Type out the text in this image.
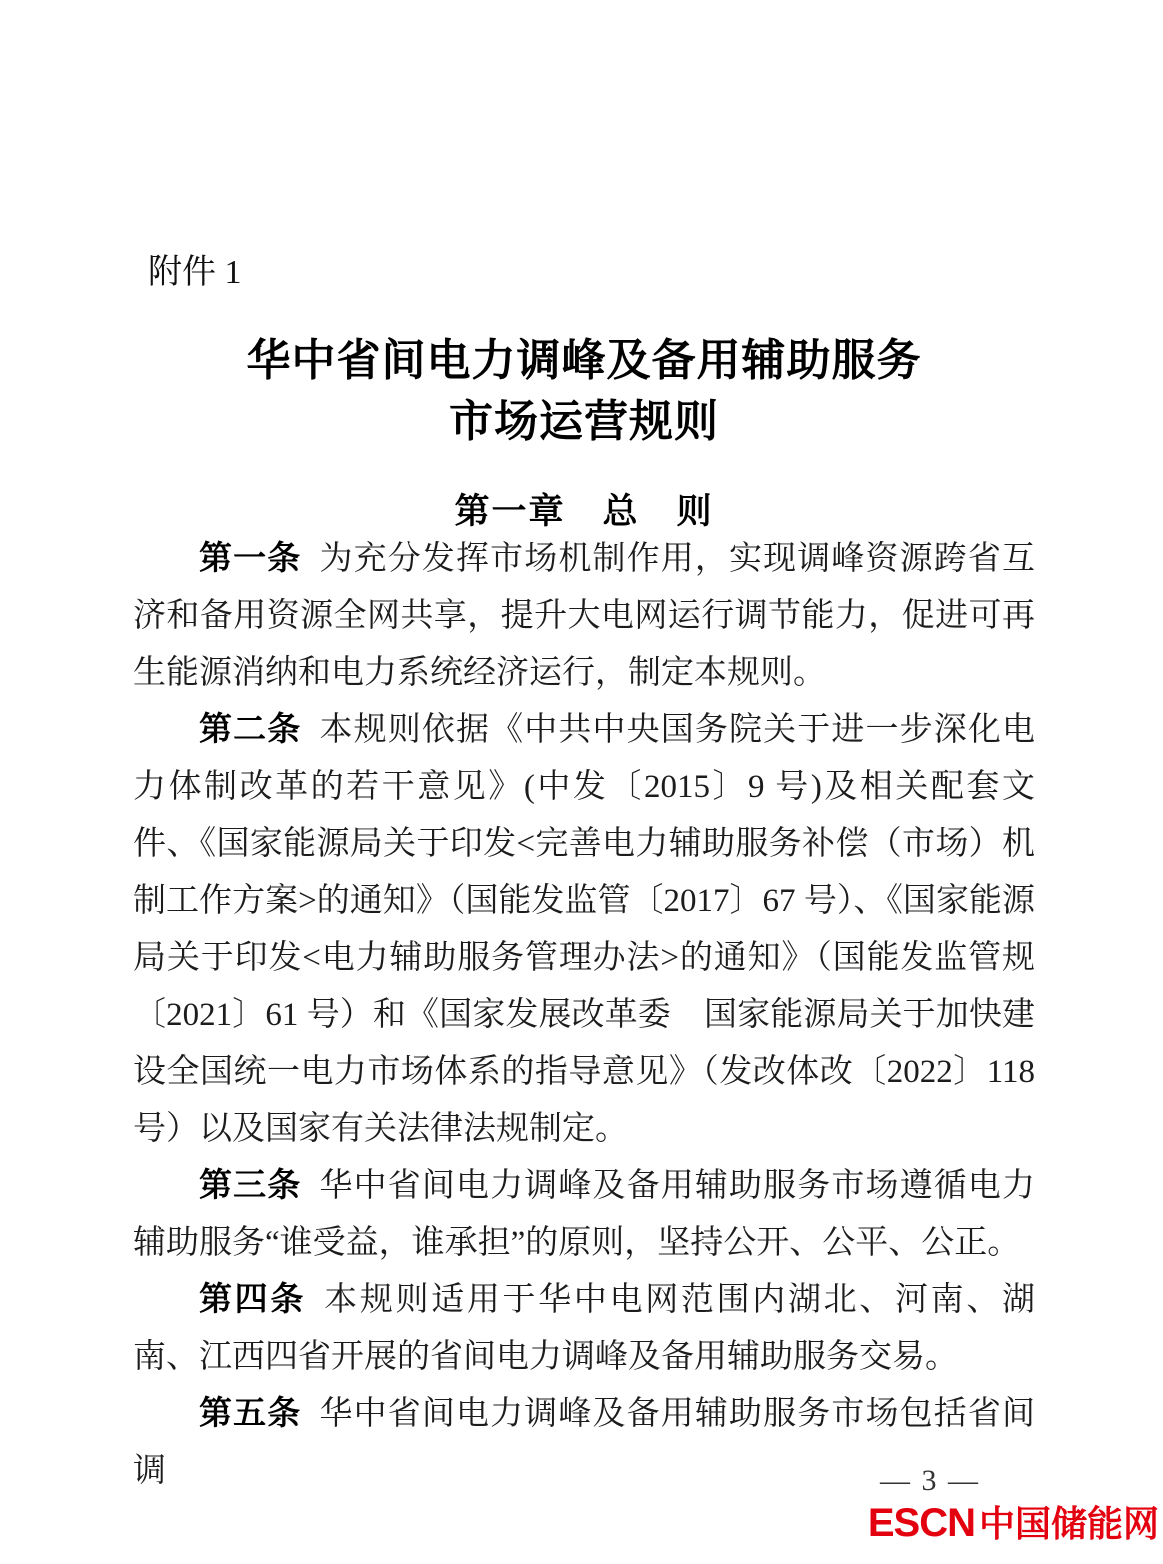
附件 1
华中省间电力调峰及备用辅助服务
市场运营规则
第一章　总　则

第一条 为充分发挥市场机制作用，实现调峰资源跨省互济和备用资源全网共享，提升大电网运行调节能力，促进可再生能源消纳和电力系统经济运行，制定本规则。

第二条 本规则依据《中共中央国务院关于进一步深化电力体制改革的若干意见》(中发〔2015〕9 号)及相关配套文件、《国家能源局关于印发<完善电力辅助服务补偿（市场）机制工作方案>的通知》（国能发监管〔2017〕67 号）、《国家能源局关于印发<电力辅助服务管理办法>的通知》（国能发监管规〔2021〕61 号）和《国家发展改革委　国家能源局关于加快建设全国统一电力市场体系的指导意见》（发改体改〔2022〕118 号）以及国家有关法律法规制定。

第三条 华中省间电力调峰及备用辅助服务市场遵循电力辅助服务“谁受益，谁承担”的原则，坚持公开、公平、公正。

第四条 本规则适用于华中电网范围内湖北、河南、湖南、江西四省开展的省间电力调峰及备用辅助服务交易。

第五条 华中省间电力调峰及备用辅助服务市场包括省间调	— 3 —
ESCN 中国储能网
